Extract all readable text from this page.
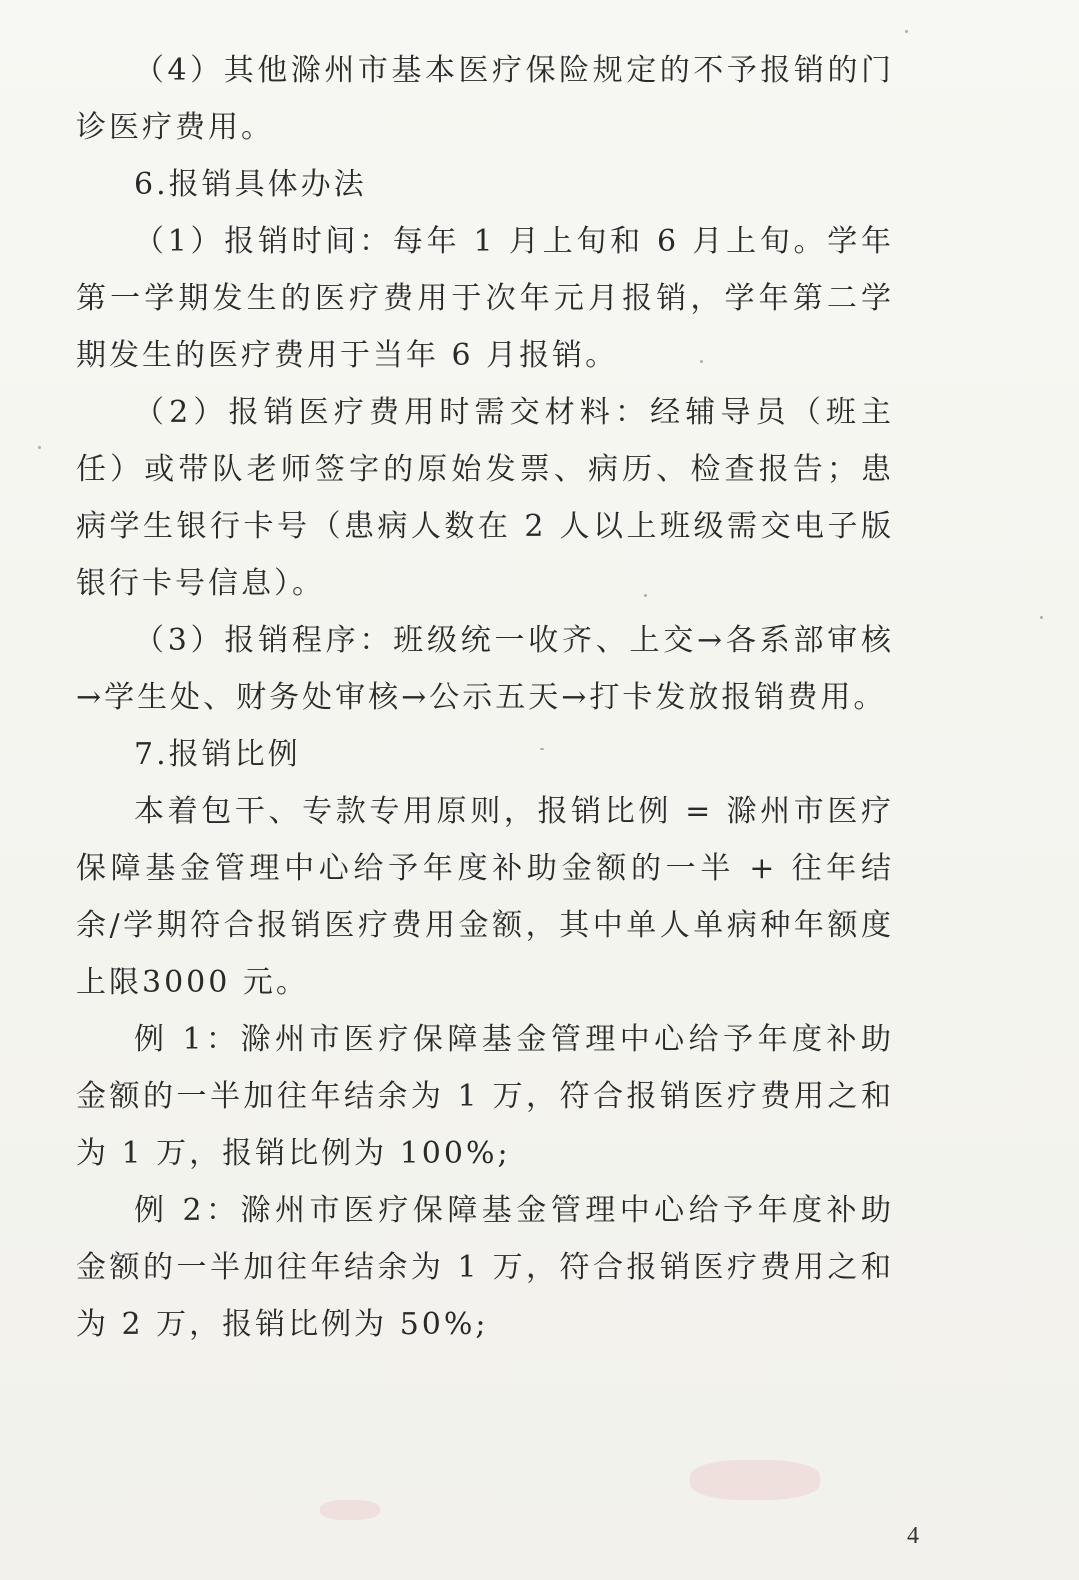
（4）其他滁州市基本医疗保险规定的不予报销的门诊医疗费用。

6.报销具体办法

（1）报销时间：每年 1 月上旬和 6 月上旬。学年第一学期发生的医疗费用于次年元月报销，学年第二学期发生的医疗费用于当年 6 月报销。

（2）报销医疗费用时需交材料：经辅导员（班主任）或带队老师签字的原始发票、病历、检查报告；患病学生银行卡号（患病人数在 2 人以上班级需交电子版银行卡号信息）。

（3）报销程序：班级统一收齐、上交→各系部审核→学生处、财务处审核→公示五天→打卡发放报销费用。

7.报销比例

本着包干、专款专用原则，报销比例 = 滁州市医疗保障基金管理中心给予年度补助金额的一半 + 往年结余/学期符合报销医疗费用金额，其中单人单病种年额度上限3000 元。

例 1：滁州市医疗保障基金管理中心给予年度补助金额的一半加往年结余为 1 万，符合报销医疗费用之和为 1 万，报销比例为 100%;

例 2：滁州市医疗保障基金管理中心给予年度补助金额的一半加往年结余为 1 万，符合报销医疗费用之和为 2 万，报销比例为 50%;

4
